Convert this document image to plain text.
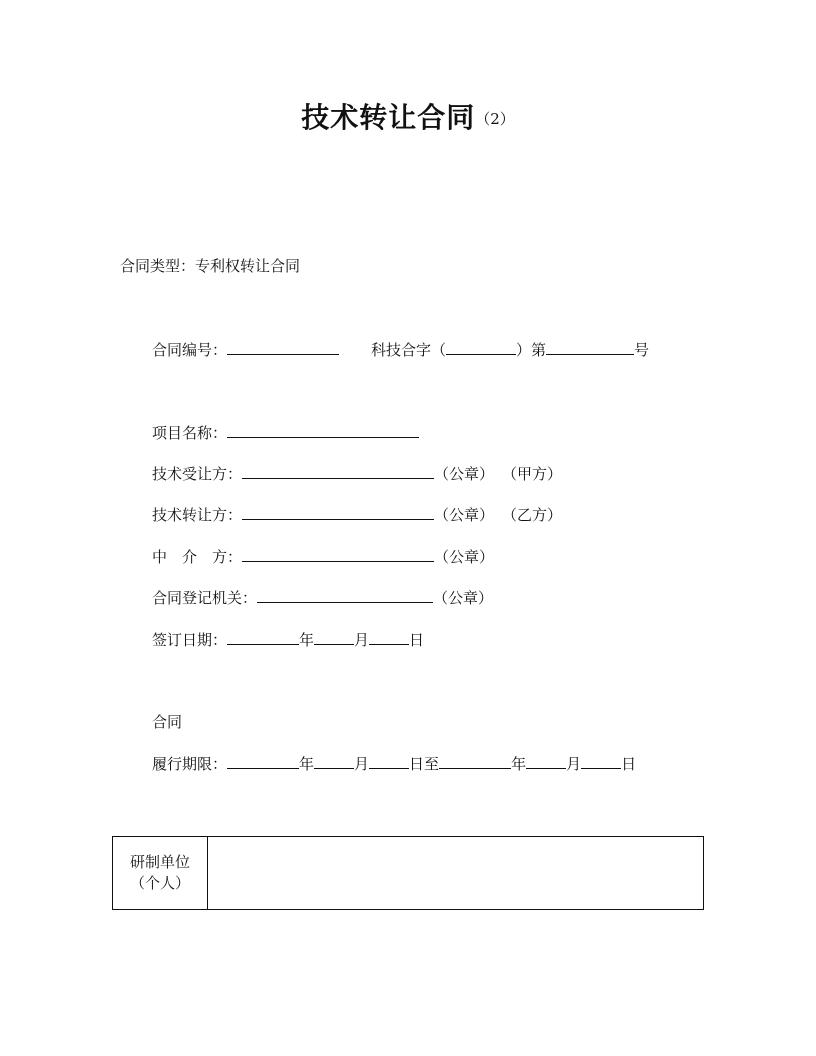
技术转让合同（2）
合同类型：专利权转让合同
合同编号：	科技合字（	）第	号
项目名称：
技术受让方：	（公章） （甲方）
技术转让方：	（公章） （乙方）
中　介　方：	（公章）
合同登记机关：	（公章）
签订日期：	年	月	日
合同
履行期限：	年	月	日至	年	月	日
研制单位
（个人）
